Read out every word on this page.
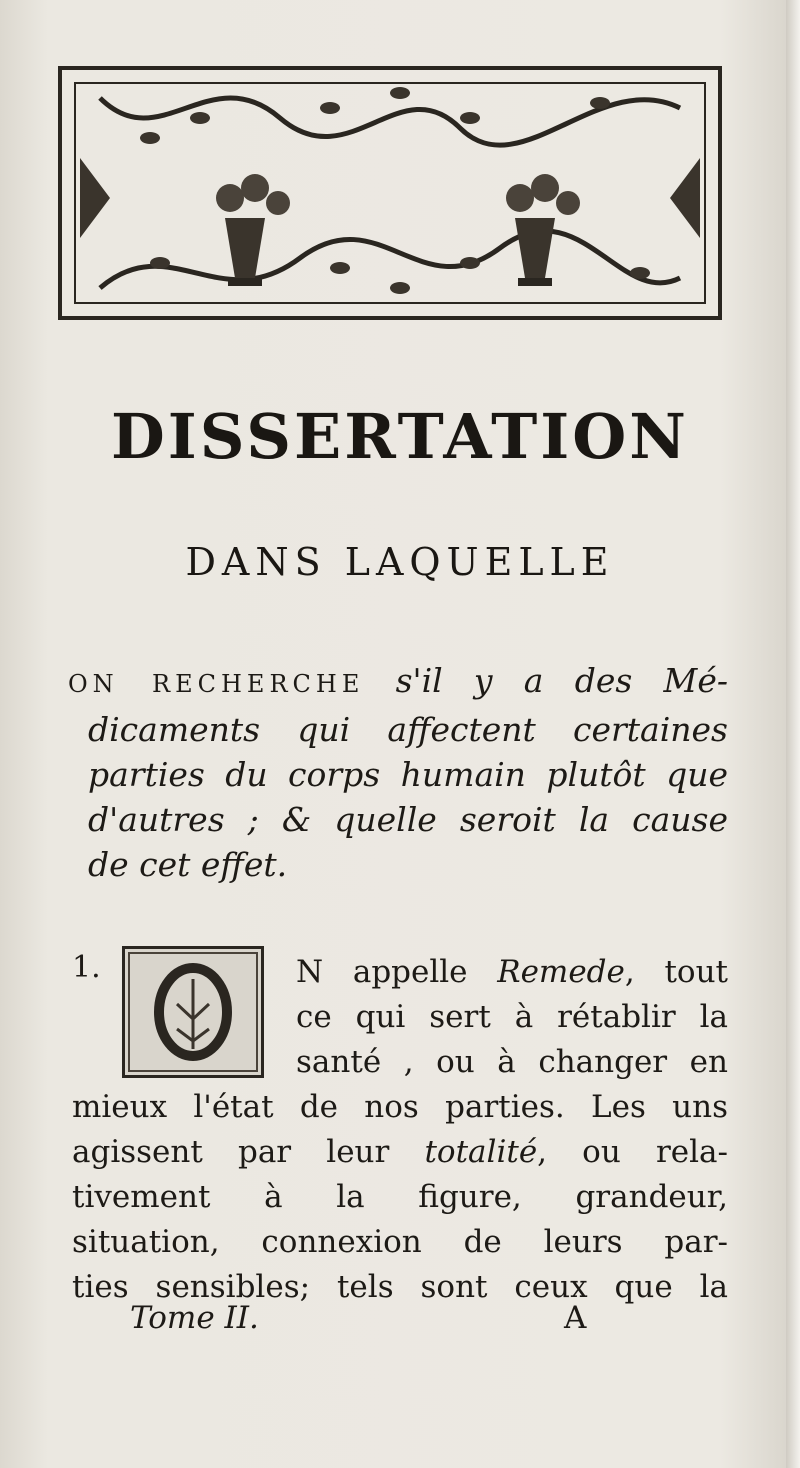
DISSERTATION
DANS LAQUELLE
ON RECHERCHE s'il y a des Mé-
dicaments qui affectent certaines
parties du corps humain plutôt que
d'autres ; & quelle seroit la cause
de cet effet.
1.	N appelle Remede, tout
ce qui sert à rétablir la
santé , ou à changer en
mieux l'état de nos parties. Les uns
agissent par leur totalité, ou rela-
tivement à la figure, grandeur,
situation, connexion de leurs par-
ties sensibles; tels sont ceux que la
Tome II.	A
